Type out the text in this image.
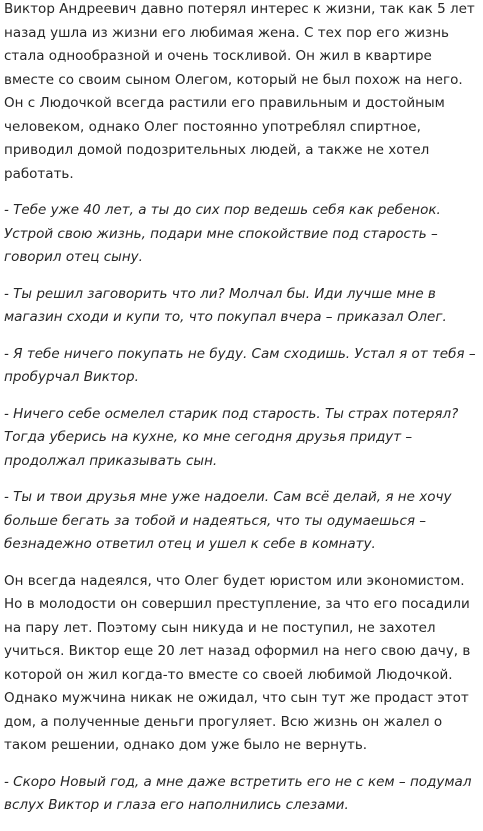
Виктор Андреевич давно потерял интерес к жизни, так как 5 лет назад ушла из жизни его любимая жена. С тех пор его жизнь стала однообразной и очень тоскливой. Он жил в квартире вместе со своим сыном Олегом, который не был похож на него. Он с Людочкой всегда растили его правильным и достойным человеком, однако Олег постоянно употреблял спиртное, приводил домой подозрительных людей, а также не хотел работать.

- Тебе уже 40 лет, а ты до сих пор ведешь себя как ребенок. Устрой свою жизнь, подари мне спокойствие под старость – говорил отец сыну.

- Ты решил заговорить что ли? Молчал бы. Иди лучше мне в магазин сходи и купи то, что покупал вчера – приказал Олег.

- Я тебе ничего покупать не буду. Сам сходишь. Устал я от тебя – пробурчал Виктор.

- Ничего себе осмелел старик под старость. Ты страх потерял? Тогда уберись на кухне, ко мне сегодня друзья придут – продолжал приказывать сын.

- Ты и твои друзья мне уже надоели. Сам всё делай, я не хочу больше бегать за тобой и надеяться, что ты одумаешься – безнадежно ответил отец и ушел к себе в комнату.

Он всегда надеялся, что Олег будет юристом или экономистом. Но в молодости он совершил преступление, за что его посадили на пару лет. Поэтому сын никуда и не поступил, не захотел учиться. Виктор еще 20 лет назад оформил на него свою дачу, в которой он жил когда-то вместе со своей любимой Людочкой. Однако мужчина никак не ожидал, что сын тут же продаст этот дом, а полученные деньги прогуляет. Всю жизнь он жалел о таком решении, однако дом уже было не вернуть.

- Скоро Новый год, а мне даже встретить его не с кем – подумал вслух Виктор и глаза его наполнились слезами.
